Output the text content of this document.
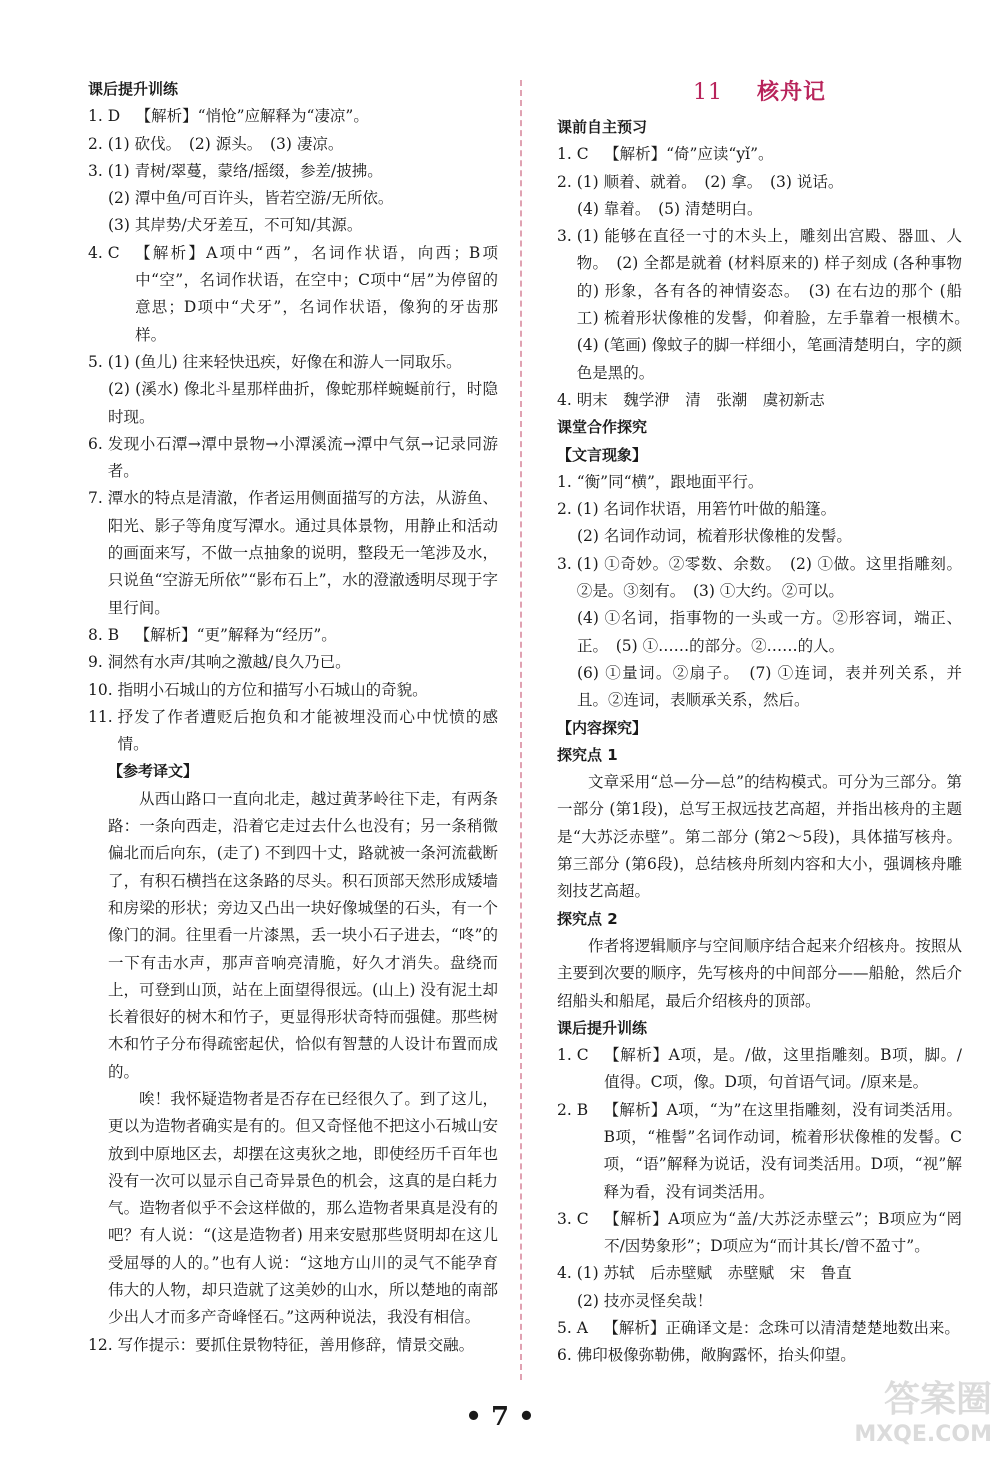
课后提升训练
1. D　 【解析】“悄怆”应解释为“凄凉”。
2. (1) 砍伐。　(2) 源头。　(3) 凄凉。
3. (1) 青树/翠蔓，蒙络/摇缀，参差/披拂。
(2) 潭中鱼/可百许头，皆若空游/无所依。
(3) 其岸势/犬牙差互，不可知/其源。
4. C　 【解析】A项中“西”，名词作状语，向西；B项中“空”，名词作状语，在空中；C项中“居”为停留的意思；D项中“犬牙”，名词作状语，像狗的牙齿那样。
5. (1) (鱼儿) 往来轻快迅疾，好像在和游人一同取乐。
(2) (溪水) 像北斗星那样曲折，像蛇那样蜿蜒前行，时隐时现。
6. 发现小石潭→潭中景物→小潭溪流→潭中气氛→记录同游者。
7. 潭水的特点是清澈，作者运用侧面描写的方法，从游鱼、阳光、影子等角度写潭水。通过具体景物，用静止和活动的画面来写，不做一点抽象的说明，整段无一笔涉及水，只说鱼“空游无所依”“影布石上”，水的澄澈透明尽现于字里行间。
8. B　 【解析】“更”解释为“经历”。
9. 洞然有水声/其响之激越/良久乃已。
10. 指明小石城山的方位和描写小石城山的奇貌。
11. 抒发了作者遭贬后抱负和才能被埋没而心中忧愤的感情。
【参考译文】
从西山路口一直向北走，越过黄茅岭往下走，有两条路：一条向西走，沿着它走过去什么也没有；另一条稍微偏北而后向东，(走了) 不到四十丈，路就被一条河流截断了，有积石横挡在这条路的尽头。积石顶部天然形成矮墙和房梁的形状；旁边又凸出一块好像城堡的石头，有一个像门的洞。往里看一片漆黑，丢一块小石子进去，“咚”的一下有击水声，那声音响亮清脆，好久才消失。盘绕而上，可登到山顶，站在上面望得很远。(山上) 没有泥土却长着很好的树木和竹子，更显得形状奇特而强健。那些树木和竹子分布得疏密起伏，恰似有智慧的人设计布置而成的。
唉！我怀疑造物者是否存在已经很久了。到了这儿，更以为造物者确实是有的。但又奇怪他不把这小石城山安放到中原地区去，却摆在这夷狄之地，即使经历千百年也没有一次可以显示自己奇异景色的机会，这真的是白耗力气。造物者似乎不会这样做的，那么造物者果真是没有的吧？有人说：“(这是造物者) 用来安慰那些贤明却在这儿受屈辱的人的。”也有人说：“这地方山川的灵气不能孕育伟大的人物，却只造就了这美妙的山水，所以楚地的南部少出人才而多产奇峰怪石。”这两种说法，我没有相信。
12. 写作提示：要抓住景物特征，善用修辞，情景交融。
11 核舟记
课前自主预习
1. C　 【解析】“倚”应读“yǐ”。
2. (1) 顺着、就着。　(2) 拿。　(3) 说话。
(4) 靠着。　(5) 清楚明白。
3. (1) 能够在直径一寸的木头上，雕刻出宫殿、器皿、人物。　(2) 全都是就着 (材料原来的) 样子刻成 (各种事物的) 形象，各有各的神情姿态。　(3) 在右边的那个 (船工) 梳着形状像椎的发髻，仰着脸，左手靠着一根横木。　(4) (笔画) 像蚊子的脚一样细小，笔画清楚明白，字的颜色是黑的。
4. 明末　魏学洢　清　张潮　虞初新志
课堂合作探究
【文言现象】
1. “衡”同“横”，跟地面平行。
2. (1) 名词作状语，用箬竹叶做的船篷。
(2) 名词作动词，梳着形状像椎的发髻。
3. (1) ①奇妙。②零数、余数。　(2) ①做。这里指雕刻。②是。③刻有。　(3) ①大约。②可以。
(4) ①名词，指事物的一头或一方。②形容词，端正、正。　(5) ①……的部分。②……的人。
(6) ①量词。②扇子。　(7) ①连词，表并列关系，并且。②连词，表顺承关系，然后。
【内容探究】
探究点 1
文章采用“总—分—总”的结构模式。可分为三部分。第一部分 (第1段)，总写王叔远技艺高超，并指出核舟的主题是“大苏泛赤壁”。第二部分 (第2～5段)，具体描写核舟。第三部分 (第6段)，总结核舟所刻内容和大小，强调核舟雕刻技艺高超。
探究点 2
作者将逻辑顺序与空间顺序结合起来介绍核舟。按照从主要到次要的顺序，先写核舟的中间部分——船舱，然后介绍船头和船尾，最后介绍核舟的顶部。
课后提升训练
1. C　 【解析】A项，是。/做，这里指雕刻。B项，脚。/值得。C项，像。D项，句首语气词。/原来是。
2. B　 【解析】A项，“为”在这里指雕刻，没有词类活用。B项，“椎髻”名词作动词，梳着形状像椎的发髻。C项，“语”解释为说话，没有词类活用。D项，“视”解释为看，没有词类活用。
3. C　 【解析】A项应为“盖/大苏泛赤壁云”；B项应为“罔不/因势象形”；D项应为“而计其长/曾不盈寸”。
4. (1) 苏轼　后赤壁赋　赤壁赋　宋　鲁直
(2) 技亦灵怪矣哉！
5. A　 【解析】正确译文是：念珠可以清清楚楚地数出来。
6. 佛印极像弥勒佛，敞胸露怀，抬头仰望。
• 7 •	答案圈
MXQE.COM
